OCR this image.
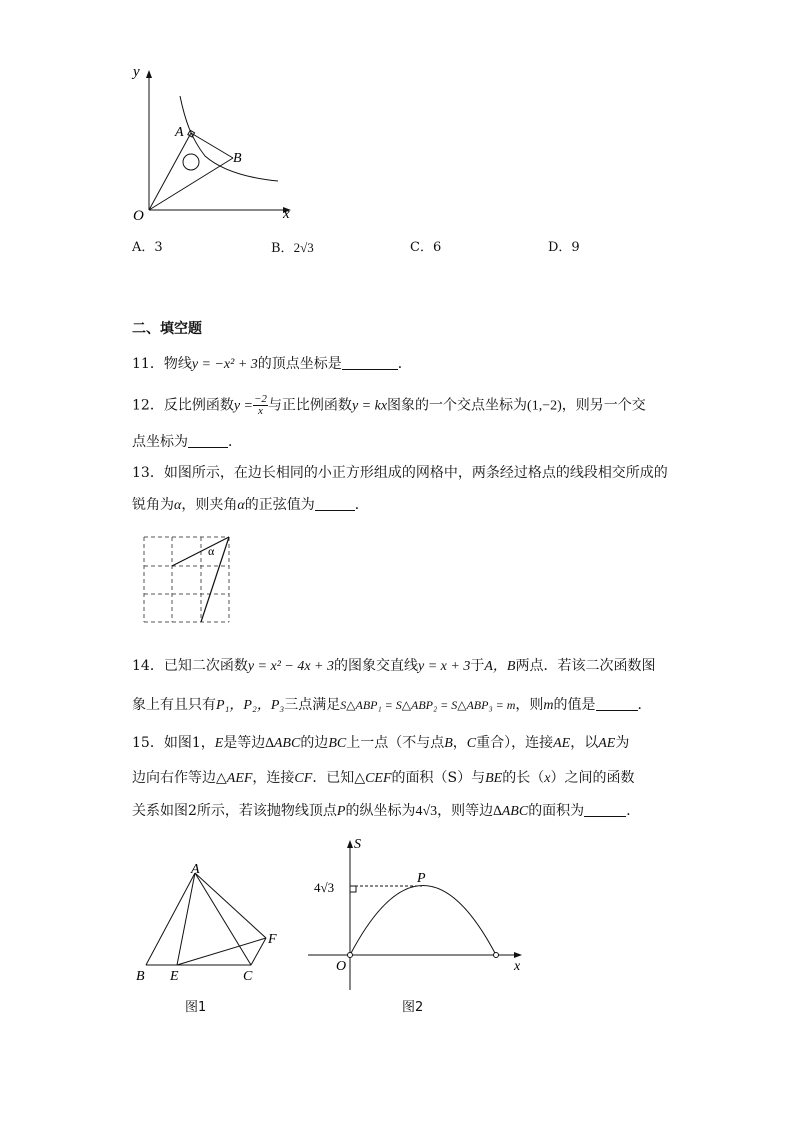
y
x
O
A
B
A．3	B．2√3	C．6	D．9
二、填空题
11．物线y = −x² + 3的顶点坐标是	．
12．反比例函数$y = \frac{-2}{x}$ 与正比例函数y = kx图象的一个交点坐标为(1,−2)，则另一个交
点坐标为	．
13．如图所示，在边长相同的小正方形组成的网格中，两条经过格点的线段相交所成的
锐角为α，则夹角α的正弦值为	．
α
14．已知二次函数y = x² − 4x + 3的图象交直线y = x + 3于A，B两点．若该二次函数图
象上有且只有P₁，P₂，P₃三点满足S△ABP₁ = S△ABP₂ = S△ABP₃ = m，则m的值是	．
15．如图1，E是等边∆ABC的边BC上一点（不与点B，C重合），连接AE，以AE为
边向右作等边△AEF，连接CF．已知△CEF的面积（S）与BE的长（x）之间的函数
关系如图2所示，若该抛物线顶点P的纵坐标为4√3，则等边∆ABC的面积为	．
A
B E	C
F
图1
S
x
O
P
4√3
图2
